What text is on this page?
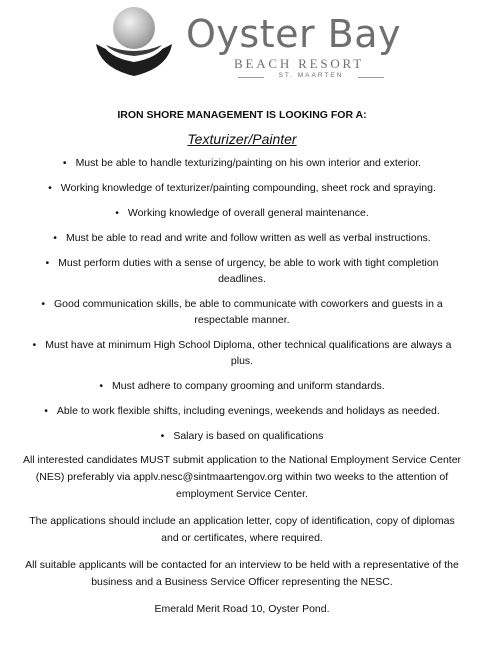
Oyster Bay
BEACH RESORT
ST. MAARTEN
IRON SHORE MANAGEMENT IS LOOKING FOR A:
Texturizer/Painter
• Must be able to handle texturizing/painting on his own interior and exterior.
• Working knowledge of texturizer/painting compounding, sheet rock and spraying.
• Working knowledge of overall general maintenance.
• Must be able to read and write and follow written as well as verbal instructions.
• Must perform duties with a sense of urgency, be able to work with tight completion deadlines.
• Good communication skills, be able to communicate with coworkers and guests in a respectable manner.
• Must have at minimum High School Diploma, other technical qualifications are always a plus.
• Must adhere to company grooming and uniform standards.
• Able to work flexible shifts, including evenings, weekends and holidays as needed.
• Salary is based on qualifications
All interested candidates MUST submit application to the National Employment Service Center (NES) preferably via applv.nesc@sintmaartengov.org within two weeks to the attention of employment Service Center.
The applications should include an application letter, copy of identification, copy of diplomas and or certificates, where required.
All suitable applicants will be contacted for an interview to be held with a representative of the business and a Business Service Officer representing the NESC.
Emerald Merit Road 10, Oyster Pond.
